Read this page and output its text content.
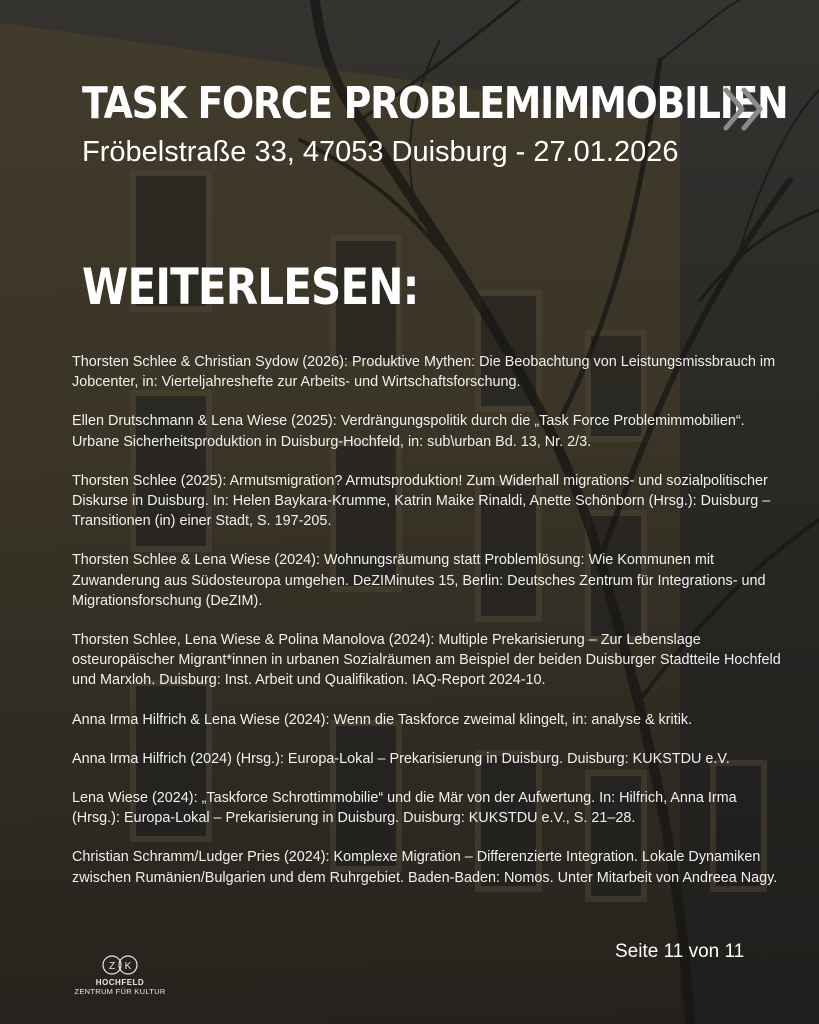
TASK FORCE PROBLEMIMMOBILIEN

Fröbelstraße 33, 47053 Duisburg - 27.01.2026

WEITERLESEN:
Thorsten Schlee & Christian Sydow (2026): Produktive Mythen: Die Beobachtung von Leistungsmissbrauch im Jobcenter, in: Vierteljahreshefte zur Arbeits- und Wirtschaftsforschung.
Ellen Drutschmann & Lena Wiese (2025): Verdrängungspolitik durch die „Task Force Problemimmobilien“. Urbane Sicherheitsproduktion in Duisburg-Hochfeld, in: sub\urban Bd. 13, Nr. 2/3.
Thorsten Schlee (2025): Armutsmigration? Armutsproduktion! Zum Widerhall migrations- und sozialpolitischer Diskurse in Duisburg. In: Helen Baykara-Krumme, Katrin Maike Rinaldi, Anette Schönborn (Hrsg.): Duisburg – Transitionen (in) einer Stadt, S. 197-205.
Thorsten Schlee & Lena Wiese (2024): Wohnungsräumung statt Problemlösung: Wie Kommunen mit Zuwanderung aus Südosteuropa umgehen. DeZIMinutes 15, Berlin: Deutsches Zentrum für Integrations- und Migrationsforschung (DeZIM).
Thorsten Schlee, Lena Wiese & Polina Manolova (2024): Multiple Prekarisierung – Zur Lebenslage osteuropäischer Migrant*innen in urbanen Sozialräumen am Beispiel der beiden Duisburger Stadtteile Hochfeld und Marxloh. Duisburg: Inst. Arbeit und Qualifikation. IAQ-Report 2024-10.
Anna Irma Hilfrich & Lena Wiese (2024): Wenn die Taskforce zweimal klingelt, in: analyse & kritik.
Anna Irma Hilfrich (2024) (Hrsg.): Europa-Lokal – Prekarisierung in Duisburg. Duisburg: KUKSTDU e.V.
Lena Wiese (2024): „Taskforce Schrottimmobilie“ und die Mär von der Aufwertung. In: Hilfrich, Anna Irma (Hrsg.): Europa-Lokal – Prekarisierung in Duisburg. Duisburg: KUKSTDU e.V., S. 21–28.
Christian Schramm/Ludger Pries (2024): Komplexe Migration – Differenzierte Integration. Lokale Dynamiken zwischen Rumänien/Bulgarien und dem Ruhrgebiet. Baden-Baden: Nomos. Unter Mitarbeit von Andreea Nagy.
Z K
HOCHFELD
ZENTRUM FÜR KULTUR

Seite 11 von 11
